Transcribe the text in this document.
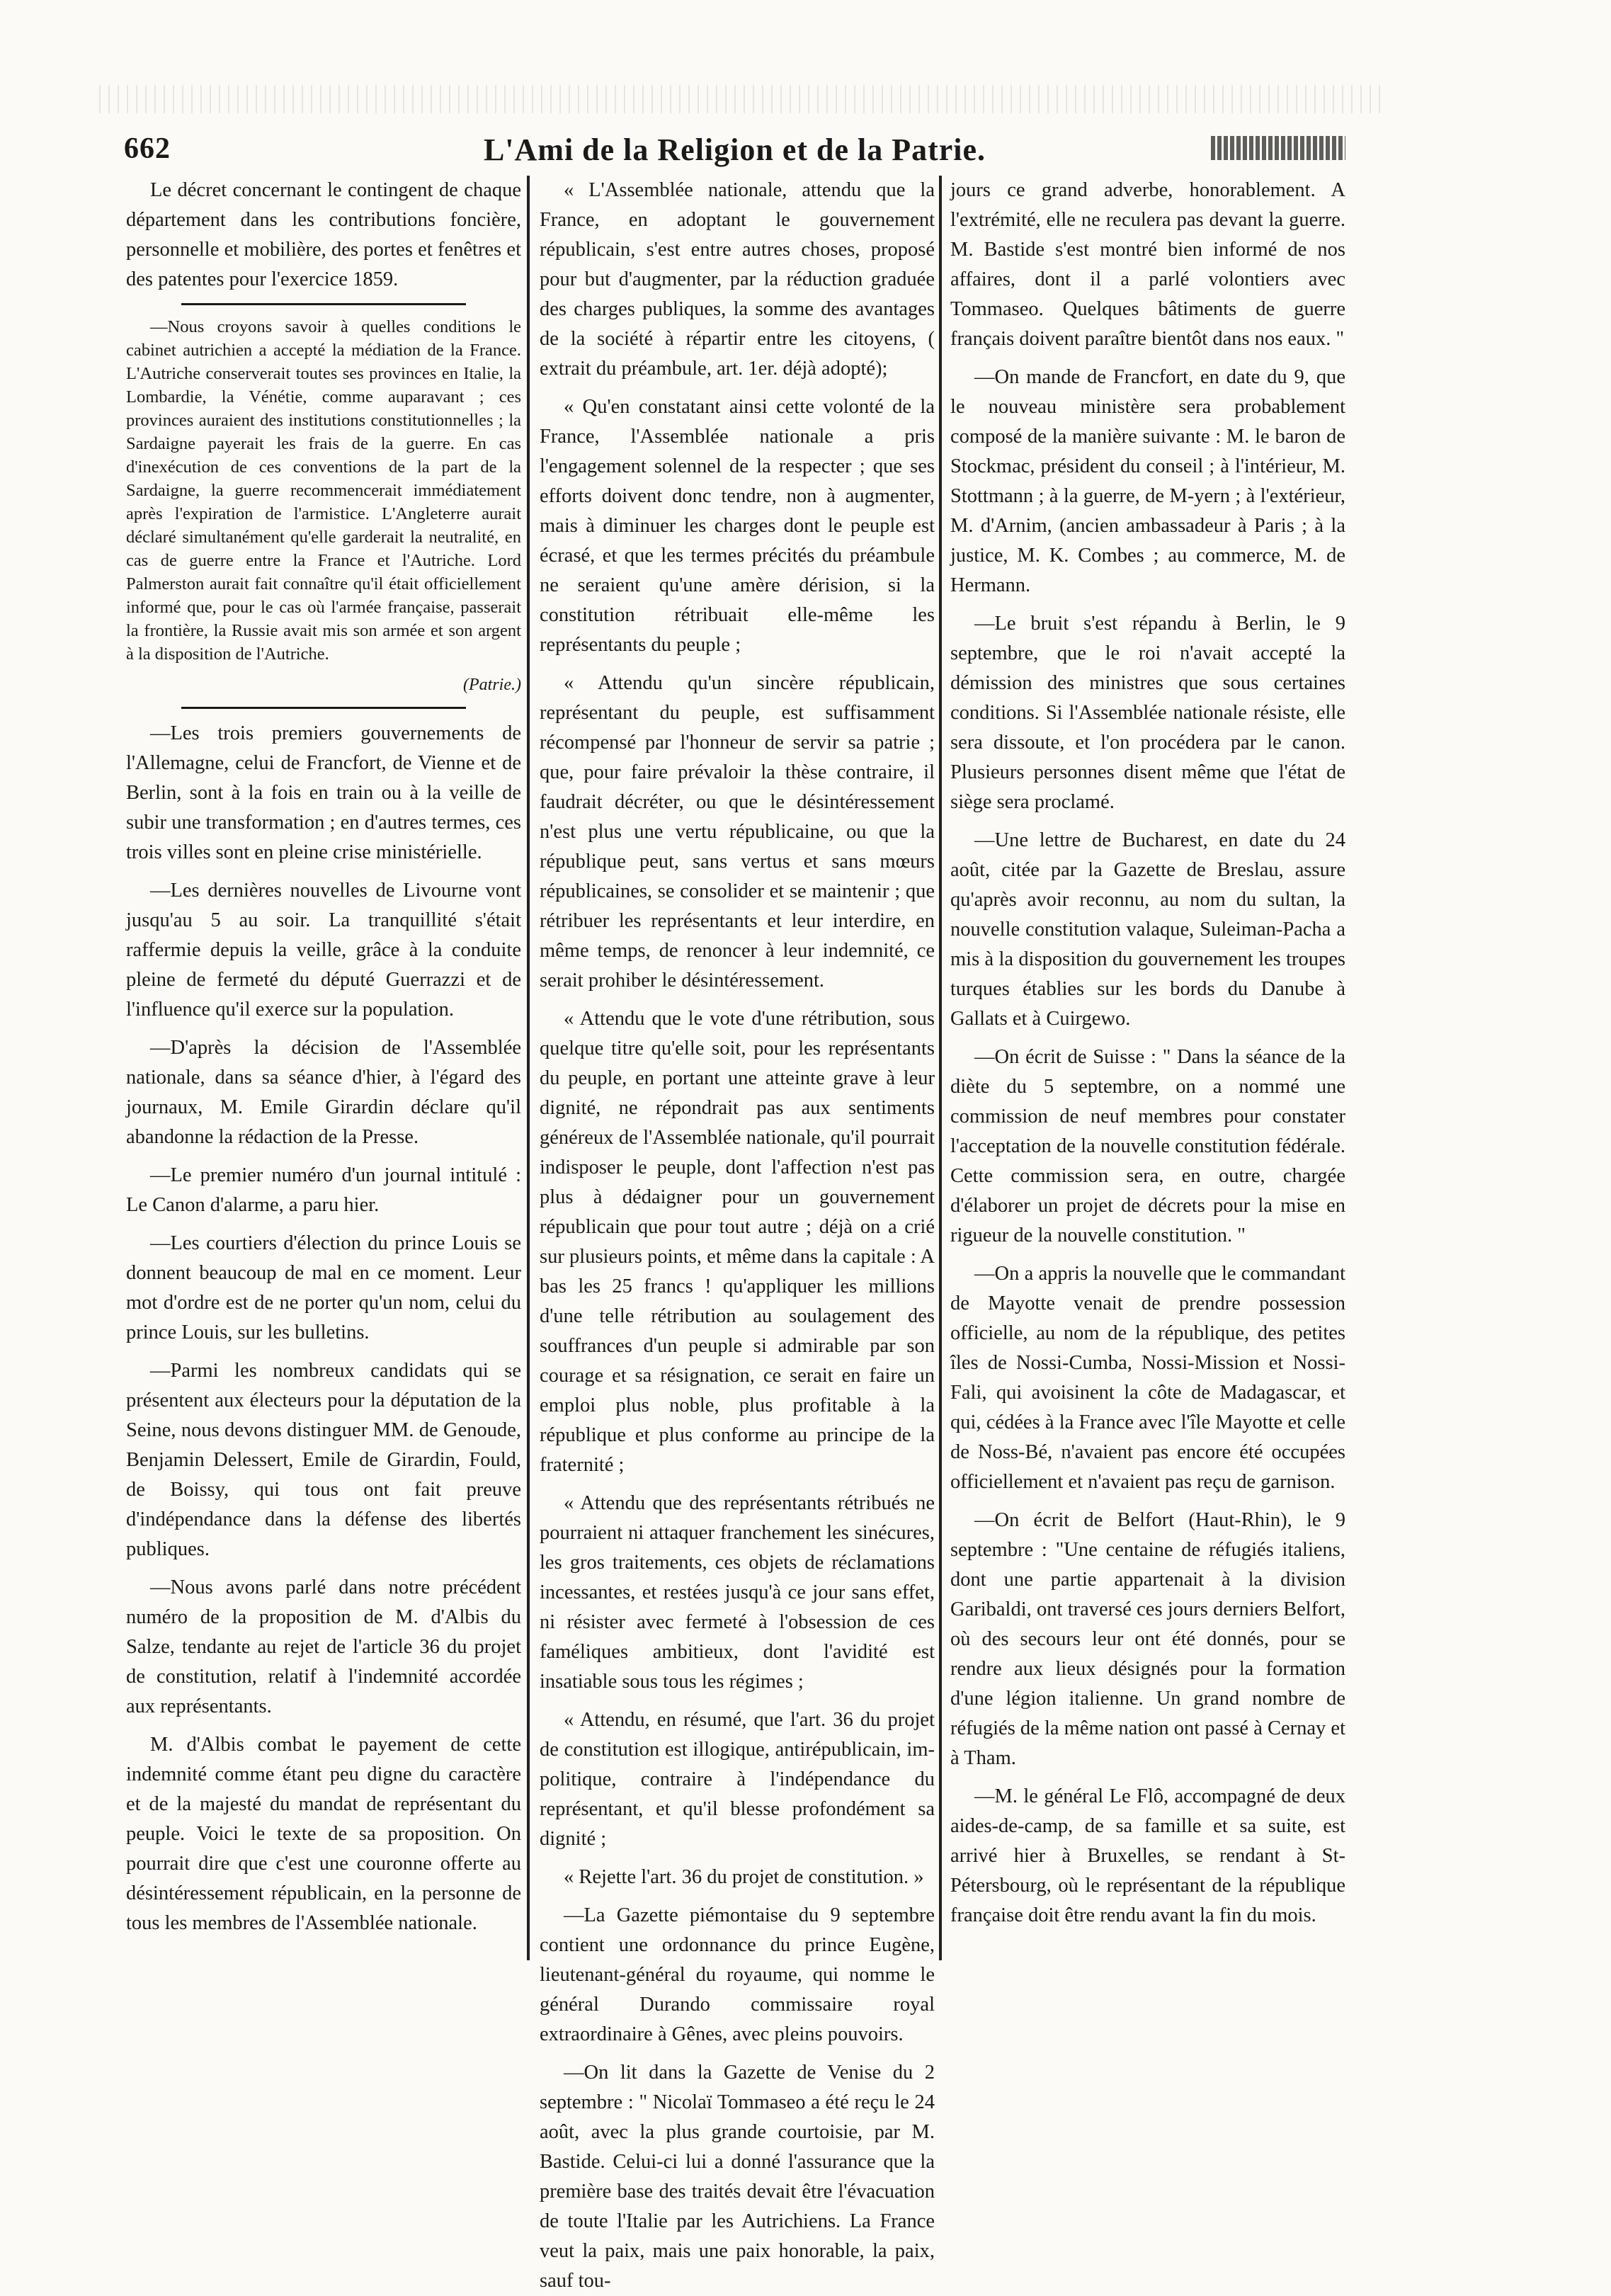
662	L'Ami de la Religion et de la Patrie.

Le décret concernant le contingent de chaque département dans les contributions foncière, personnelle et mobilière, des portes et fenêtres et des patentes pour l'exercice 1859.

—Nous croyons savoir à quelles conditions le cabinet autrichien a accepté la médiation de la France. L'Autriche conserverait toutes ses provinces en Italie, la Lombardie, la Vénétie, comme auparavant ; ces provinces auraient des institutions constitutionnelles ; la Sardaigne payerait les frais de la guerre. En cas d'inexécution de ces conventions de la part de la Sardaigne, la guerre recommencerait immédiatement après l'expiration de l'armistice. L'Angleterre aurait déclaré simultanément qu'elle garderait la neutralité, en cas de guerre entre la France et l'Autriche. Lord Palmerston aurait fait connaître qu'il était officiellement informé que, pour le cas où l'armée française, passerait la frontière, la Russie avait mis son armée et son argent à la disposition de l'Autriche.

(Patrie.)

—Les trois premiers gouvernements de l'Allemagne, celui de Francfort, de Vienne et de Berlin, sont à la fois en train ou à la veille de subir une transformation ; en d'autres termes, ces trois villes sont en pleine crise ministérielle.

—Les dernières nouvelles de Livourne vont jusqu'au 5 au soir. La tranquillité s'était raffermie depuis la veille, grâce à la conduite pleine de fermeté du député Guerrazzi et de l'influence qu'il exerce sur la population.

—D'après la décision de l'Assemblée nationale, dans sa séance d'hier, à l'égard des journaux, M. Emile Girardin déclare qu'il abandonne la rédaction de la Presse.

—Le premier numéro d'un journal intitulé : Le Canon d'alarme, a paru hier.

—Les courtiers d'élection du prince Louis se donnent beaucoup de mal en ce moment. Leur mot d'ordre est de ne porter qu'un nom, celui du prince Louis, sur les bulletins.

—Parmi les nombreux candidats qui se présentent aux électeurs pour la députation de la Seine, nous devons distinguer MM. de Genoude, Benjamin Delessert, Emile de Girardin, Fould, de Boissy, qui tous ont fait preuve d'indépendance dans la défense des libertés publiques.

—Nous avons parlé dans notre précédent numéro de la proposition de M. d'Albis du Salze, tendante au rejet de l'article 36 du projet de constitution, relatif à l'indemnité accordée aux représentants.

M. d'Albis combat le payement de cette indemnité comme étant peu digne du caractère et de la majesté du mandat de représentant du peuple. Voici le texte de sa proposition. On pourrait dire que c'est une couronne offerte au désintéressement républicain, en la personne de tous les membres de l'Assemblée nationale.

« L'Assemblée nationale, attendu que la France, en adoptant le gouvernement républicain, s'est entre autres choses, proposé pour but d'augmenter, par la réduction graduée des charges publiques, la somme des avantages de la société à répartir entre les citoyens, ( extrait du préambule, art. 1er. déjà adopté);

« Qu'en constatant ainsi cette volonté de la France, l'Assemblée nationale a pris l'engagement solennel de la respecter ; que ses efforts doivent donc tendre, non à augmenter, mais à diminuer les charges dont le peuple est écrasé, et que les termes précités du préambule ne seraient qu'une amère dérision, si la constitution rétribuait elle-même les représentants du peuple ;

« Attendu qu'un sincère républicain, représentant du peuple, est suffisamment récompensé par l'honneur de servir sa patrie ; que, pour faire prévaloir la thèse contraire, il faudrait décréter, ou que le désintéressement n'est plus une vertu républicaine, ou que la république peut, sans vertus et sans mœurs républicaines, se consolider et se maintenir ; que rétribuer les représentants et leur interdire, en même temps, de renoncer à leur indemnité, ce serait prohiber le désintéressement.

« Attendu que le vote d'une rétribution, sous quelque titre qu'elle soit, pour les représentants du peuple, en portant une atteinte grave à leur dignité, ne répondrait pas aux sentiments généreux de l'Assemblée nationale, qu'il pourrait indisposer le peuple, dont l'affection n'est pas plus à dédaigner pour un gouvernement républicain que pour tout autre ; déjà on a crié sur plusieurs points, et même dans la capitale : A bas les 25 francs ! qu'appliquer les millions d'une telle rétribution au soulagement des souffrances d'un peuple si admirable par son courage et sa résignation, ce serait en faire un emploi plus noble, plus profitable à la république et plus conforme au principe de la fraternité ;

« Attendu que des représentants rétribués ne pourraient ni attaquer franchement les sinécures, les gros traitements, ces objets de réclamations incessantes, et restées jusqu'à ce jour sans effet, ni résister avec fermeté à l'obsession de ces faméliques ambitieux, dont l'avidité est insatiable sous tous les régimes ;

« Attendu, en résumé, que l'art. 36 du projet de constitution est illogique, antirépublicain, im-politique, contraire à l'indépendance du représentant, et qu'il blesse profondément sa dignité ;

« Rejette l'art. 36 du projet de constitution. »

—La Gazette piémontaise du 9 septembre contient une ordonnance du prince Eugène, lieutenant-général du royaume, qui nomme le général Durando commissaire royal extraordinaire à Gênes, avec pleins pouvoirs.

—On lit dans la Gazette de Venise du 2 septembre : " Nicolaï Tommaseo a été reçu le 24 août, avec la plus grande courtoisie, par M. Bastide. Celui-ci lui a donné l'assurance que la première base des traités devait être l'évacuation de toute l'Italie par les Autrichiens. La France veut la paix, mais une paix honorable, la paix, sauf tou-

jours ce grand adverbe, honorablement. A l'extrémité, elle ne reculera pas devant la guerre. M. Bastide s'est montré bien informé de nos affaires, dont il a parlé volontiers avec Tommaseo. Quelques bâtiments de guerre français doivent paraître bientôt dans nos eaux. "

—On mande de Francfort, en date du 9, que le nouveau ministère sera probablement composé de la manière suivante : M. le baron de Stockmac, président du conseil ; à l'intérieur, M. Stottmann ; à la guerre, de M-yern ; à l'extérieur, M. d'Arnim, (ancien ambassadeur à Paris ; à la justice, M. K. Combes ; au commerce, M. de Hermann.

—Le bruit s'est répandu à Berlin, le 9 septembre, que le roi n'avait accepté la démission des ministres que sous certaines conditions. Si l'Assemblée nationale résiste, elle sera dissoute, et l'on procédera par le canon. Plusieurs personnes disent même que l'état de siège sera proclamé.

—Une lettre de Bucharest, en date du 24 août, citée par la Gazette de Breslau, assure qu'après avoir reconnu, au nom du sultan, la nouvelle constitution valaque, Suleiman-Pacha a mis à la disposition du gouvernement les troupes turques établies sur les bords du Danube à Gallats et à Cuirgewo.

—On écrit de Suisse : " Dans la séance de la diète du 5 septembre, on a nommé une commission de neuf membres pour constater l'acceptation de la nouvelle constitution fédérale. Cette commission sera, en outre, chargée d'élaborer un projet de décrets pour la mise en rigueur de la nouvelle constitution. "

—On a appris la nouvelle que le commandant de Mayotte venait de prendre possession officielle, au nom de la république, des petites îles de Nossi-Cumba, Nossi-Mission et Nossi-Fali, qui avoisinent la côte de Madagascar, et qui, cédées à la France avec l'île Mayotte et celle de Noss-Bé, n'avaient pas encore été occupées officiellement et n'avaient pas reçu de garnison.

—On écrit de Belfort (Haut-Rhin), le 9 septembre : "Une centaine de réfugiés italiens, dont une partie appartenait à la division Garibaldi, ont traversé ces jours derniers Belfort, où des secours leur ont été donnés, pour se rendre aux lieux désignés pour la formation d'une légion italienne. Un grand nombre de réfugiés de la même nation ont passé à Cernay et à Tham.

—M. le général Le Flô, accompagné de deux aides-de-camp, de sa famille et sa suite, est arrivé hier à Bruxelles, se rendant à St-Pétersbourg, où le représentant de la république française doit être rendu avant la fin du mois.
